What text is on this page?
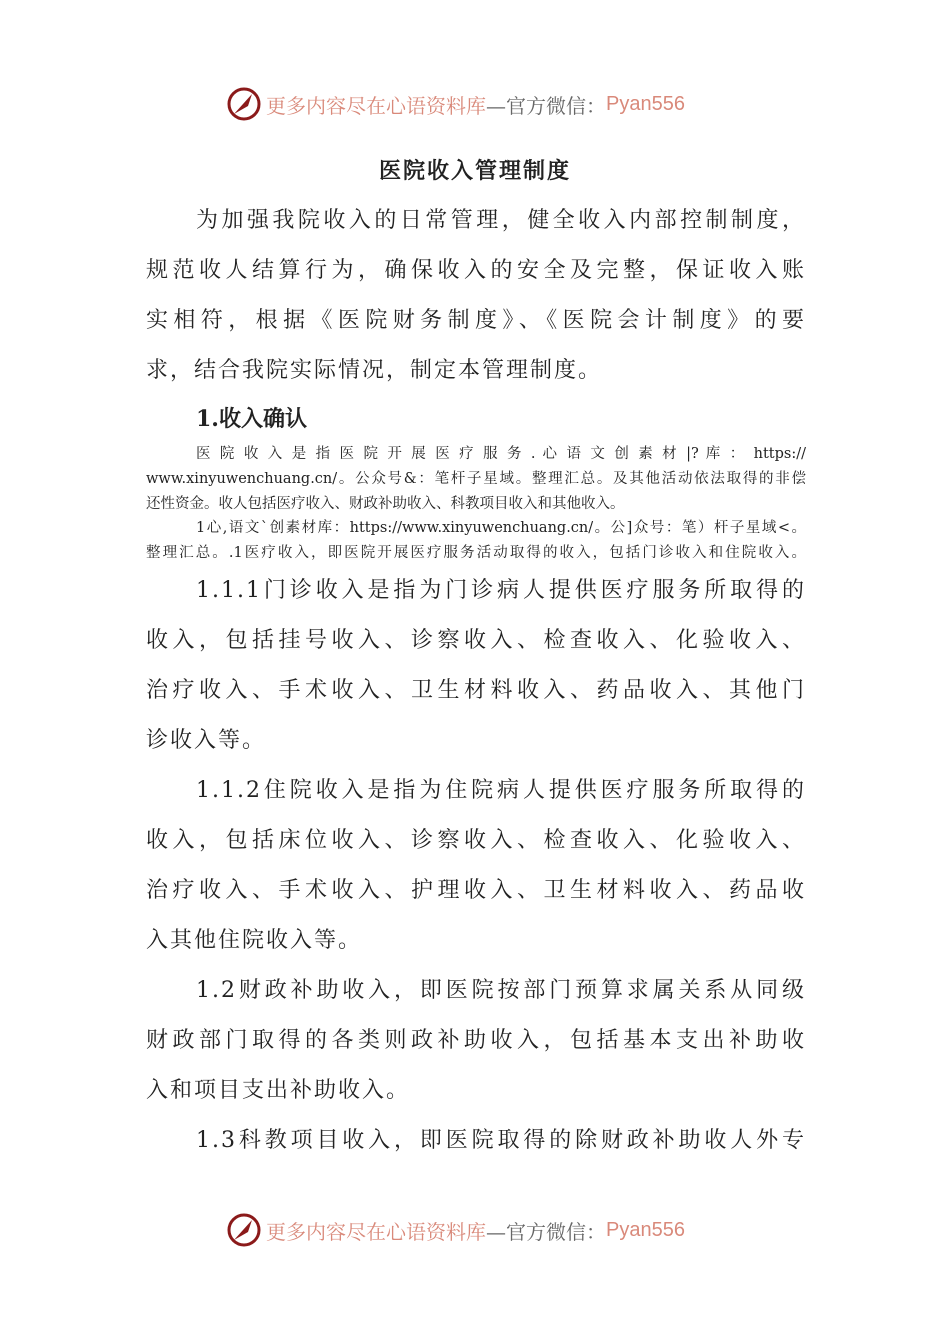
更多内容尽在心语资料库 —官方微信： Pyan556
医院收入管理制度
为加强我院收入的日常管理，健全收入内部控制制度，
规范收人结算行为，确保收入的安全及完整，保证收入账
实相符，根据《医院财务制度》、《医院会计制度》的要
求，结合我院实际情况，制定本管理制度。
1.收入确认
医 院 收 入 是 指 医 院 开 展 医 疗 服 务 . 心 语 文 创 素 材 |? 库 ： https://
www.xinyuwenchuang.cn/。公众号&：笔杆子星域。整理汇总。及其他活动依法取得的非偿
还性资金。收人包括医疗收入、财政补助收入、科教项目收入和其他收入。
1心,语文`创素材库：https://www.xinyuwenchuang.cn/。公]众号：笔）杆子星域<。
整理汇总。.1医疗收入，即医院开展医疗服务活动取得的收入，包括门诊收入和住院收入。
1.1.1门诊收入是指为门诊病人提供医疗服务所取得的
收入，包括挂号收入、诊察收入、检查收入、化验收入、
治疗收入、手术收入、卫生材料收入、药品收入、其他门
诊收入等。
1.1.2住院收入是指为住院病人提供医疗服务所取得的
收入，包括床位收入、诊察收入、检查收入、化验收入、
治疗收入、手术收入、护理收入、卫生材料收入、药品收
入其他住院收入等。
1.2财政补助收入，即医院按部门预算求属关系从同级
财政部门取得的各类则政补助收入，包括基本支出补助收
入和项目支出补助收入。
1.3科教项目收入，即医院取得的除财政补助收人外专
更多内容尽在心语资料库 —官方微信： Pyan556
